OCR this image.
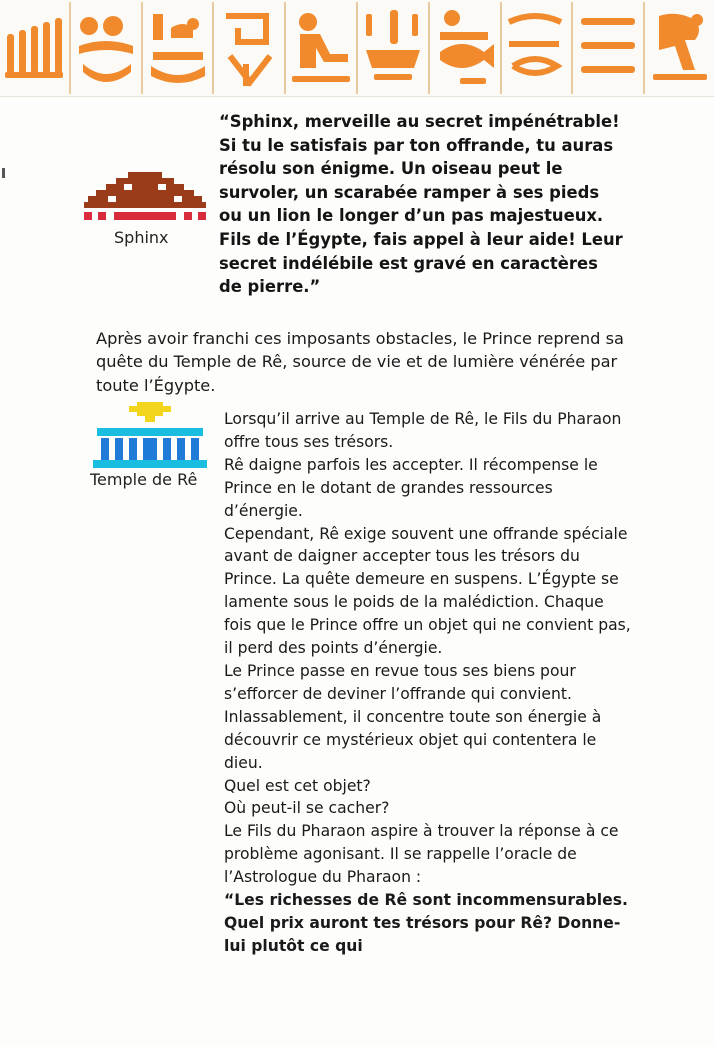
Sphinx

“Sphinx, merveille au secret impénétrable! Si tu le satisfais par ton offrande, tu auras résolu son énigme. Un oiseau peut le survoler, un scarabée ramper à ses pieds ou un lion le longer d’un pas majestueux. Fils de l’Égypte, fais appel à leur aide! Leur secret indélébile est gravé en caractères de pierre.”

Après avoir franchi ces imposants obstacles, le Prince reprend sa quête du Temple de Rê, source de vie et de lumière vénérée par toute l’Égypte.

Temple de Rê

Lorsqu’il arrive au Temple de Rê, le Fils du Pharaon offre tous ses trésors.

Rê daigne parfois les accepter. Il récompense le Prince en le dotant de grandes ressources d’énergie.

Cependant, Rê exige souvent une offrande spéciale avant de daigner accepter tous les trésors du Prince. La quête demeure en suspens. L’Égypte se lamente sous le poids de la malédiction. Chaque fois que le Prince offre un objet qui ne convient pas, il perd des points d’énergie.

Le Prince passe en revue tous ses biens pour s’efforcer de deviner l’offrande qui convient. Inlassablement, il concentre toute son énergie à découvrir ce mystérieux objet qui contentera le dieu.

Quel est cet objet?

Où peut-il se cacher?

Le Fils du Pharaon aspire à trouver la réponse à ce problème agonisant. Il se rappelle l’oracle de l’Astrologue du Pharaon :

“Les richesses de Rê sont incommensurables. Quel prix auront tes trésors pour Rê? Donne-lui plutôt ce qui
